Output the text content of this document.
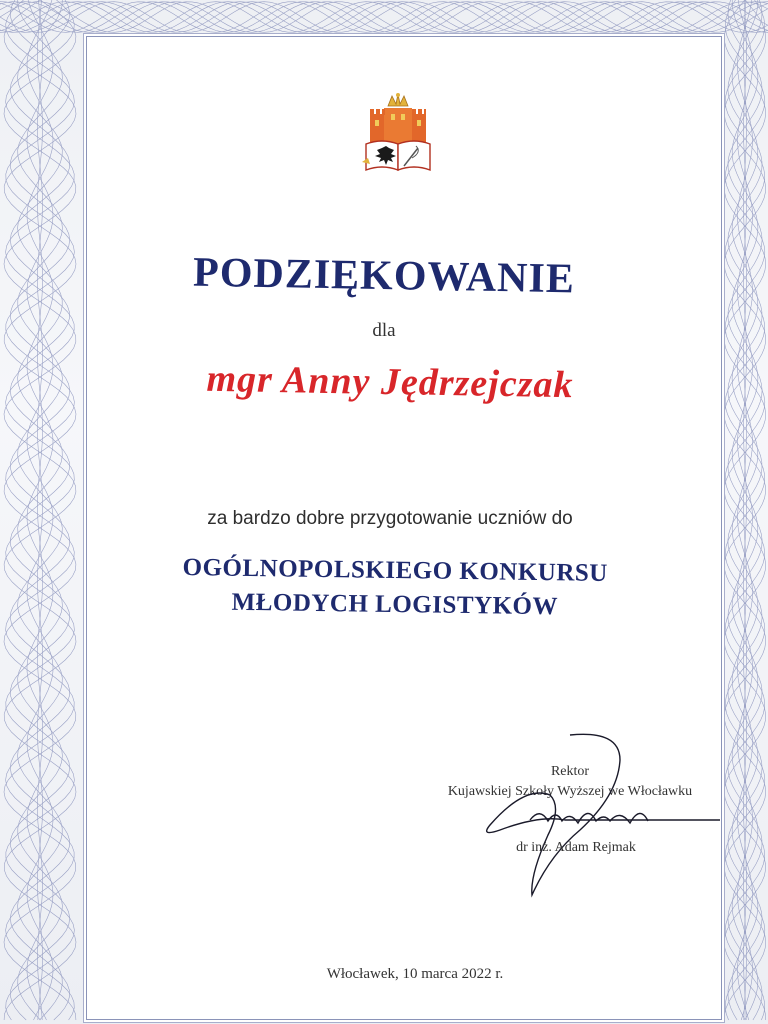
PODZIĘKOWANIE
dla
mgr Anny Jędrzejczak
za bardzo dobre przygotowanie uczniów do
OGÓLNOPOLSKIEGO KONKURSU
MŁODYCH LOGISTYKÓW
Rektor
Kujawskiej Szkoły Wyższej we Włocławku
dr inż. Adam Rejmak
Włocławek, 10 marca 2022 r.
